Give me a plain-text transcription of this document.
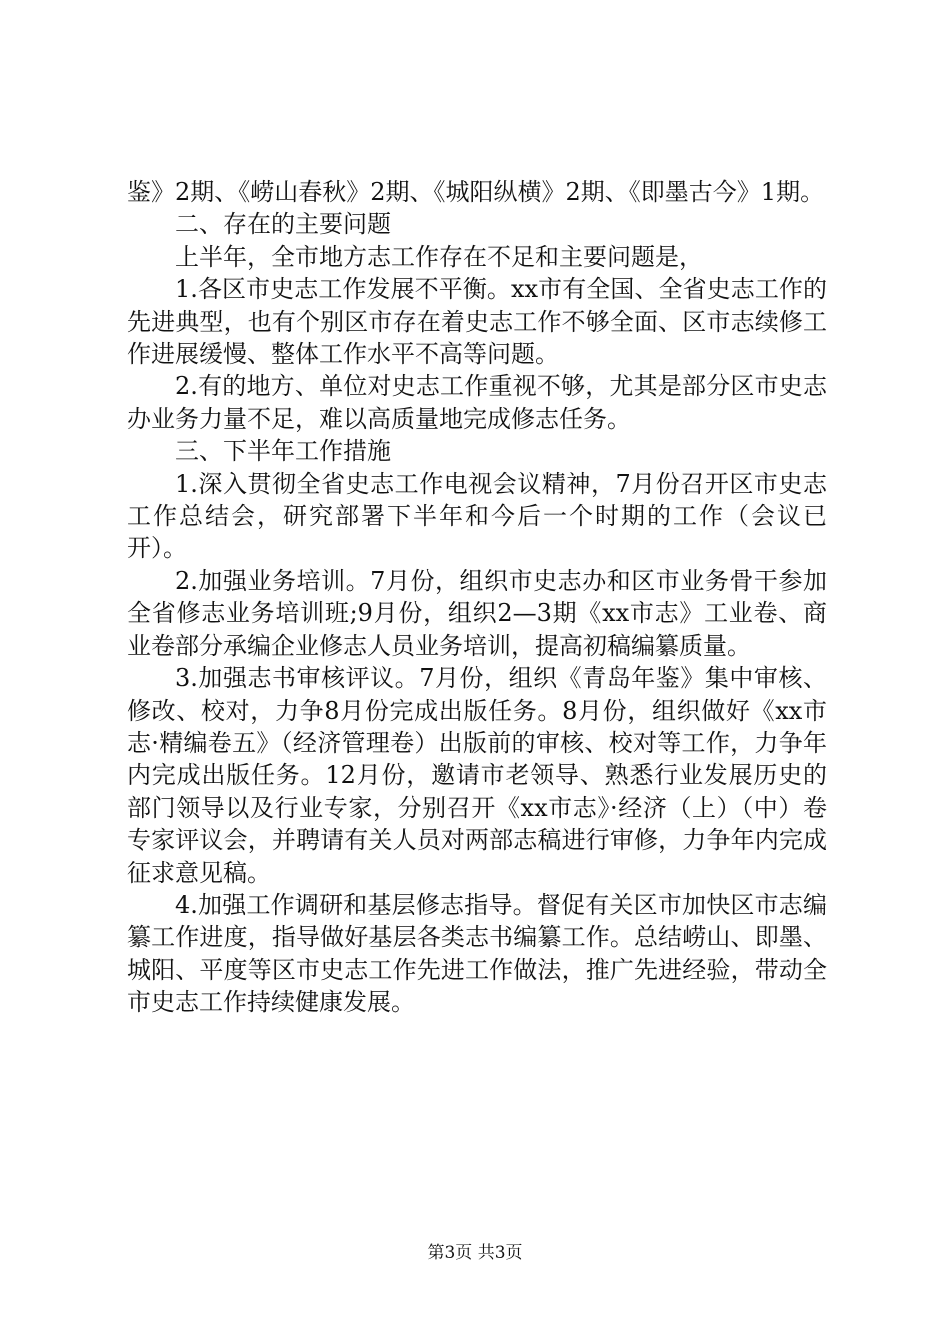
鉴》2期、《崂山春秋》2期、《城阳纵横》2期、《即墨古今》1期。

二、存在的主要问题

上半年，全市地方志工作存在不足和主要问题是，

1.各区市史志工作发展不平衡。xx市有全国、全省史志工作的先进典型，也有个别区市存在着史志工作不够全面、区市志续修工作进展缓慢、整体工作水平不高等问题。

2.有的地方、单位对史志工作重视不够，尤其是部分区市史志办业务力量不足，难以高质量地完成修志任务。

三、下半年工作措施

1.深入贯彻全省史志工作电视会议精神，7月份召开区市史志工作总结会，研究部署下半年和今后一个时期的工作（会议已开）。

2.加强业务培训。7月份，组织市史志办和区市业务骨干参加全省修志业务培训班;9月份，组织2—3期《xx市志》工业卷、商业卷部分承编企业修志人员业务培训，提高初稿编纂质量。

3.加强志书审核评议。7月份，组织《青岛年鉴》集中审核、修改、校对，力争8月份完成出版任务。8月份，组织做好《xx市志·精编卷五》（经济管理卷）出版前的审核、校对等工作，力争年内完成出版任务。12月份，邀请市老领导、熟悉行业发展历史的部门领导以及行业专家，分别召开《xx市志》·经济（上）（中）卷专家评议会，并聘请有关人员对两部志稿进行审修，力争年内完成征求意见稿。

4.加强工作调研和基层修志指导。督促有关区市加快区市志编纂工作进度，指导做好基层各类志书编纂工作。总结崂山、即墨、城阳、平度等区市史志工作先进工作做法，推广先进经验，带动全市史志工作持续健康发展。

第3页 共3页
